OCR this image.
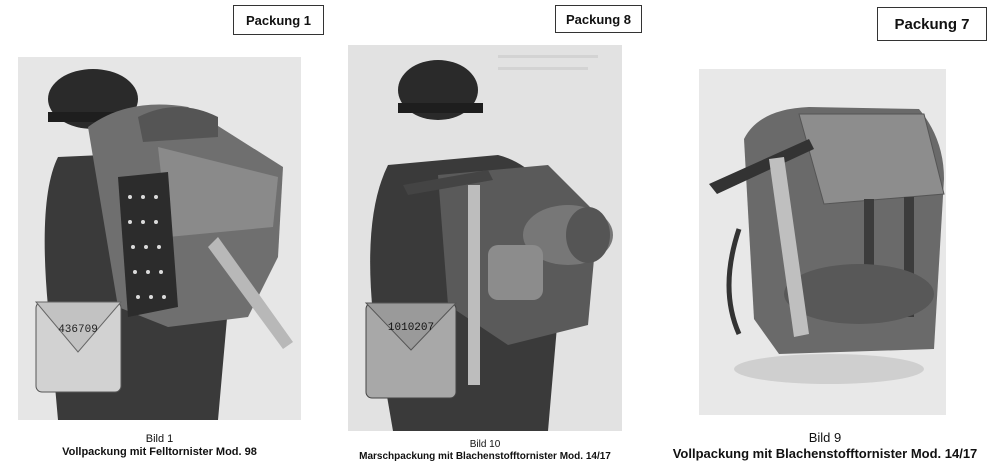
Packung 1	Packung 8	Packung 7
436709	1010207
Bild 1
Vollpackung mit Felltornister Mod. 98
Bild 10
Marschpackung mit Blachenstofftornister Mod. 14/17
Bild 9
Vollpackung mit Blachenstofftornister Mod. 14/17
